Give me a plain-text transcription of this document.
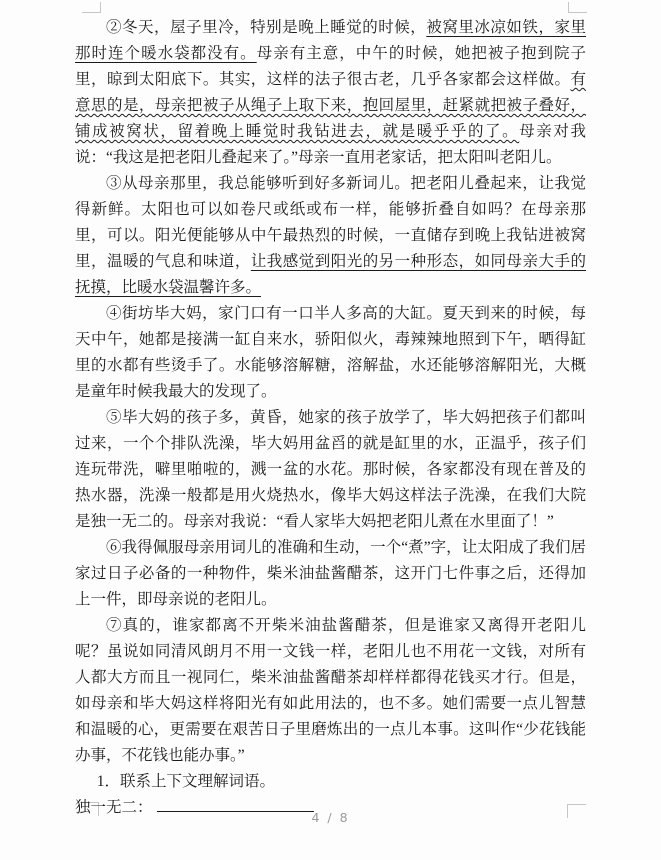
②冬天，屋子里冷，特别是晚上睡觉的时候，被窝里冰凉如铁，家里那时连个暖水袋都没有。母亲有主意，中午的时候，她把被子抱到院子里，晾到太阳底下。其实，这样的法子很古老，几乎各家都会这样做。有意思的是，母亲把被子从绳子上取下来，抱回屋里，赶紧就把被子叠好，铺成被窝状，留着晚上睡觉时我钻进去，就是暖乎乎的了。母亲对我说：“我这是把老阳儿叠起来了。”母亲一直用老家话，把太阳叫老阳儿。

③从母亲那里，我总能够听到好多新词儿。把老阳儿叠起来，让我觉得新鲜。太阳也可以如卷尺或纸或布一样，能够折叠自如吗？在母亲那里，可以。阳光便能够从中午最热烈的时候，一直储存到晚上我钻进被窝里，温暖的气息和味道，让我感觉到阳光的另一种形态，如同母亲大手的抚摸，比暖水袋温馨许多。

④街坊毕大妈，家门口有一口半人多高的大缸。夏天到来的时候，每天中午，她都是接满一缸自来水，骄阳似火，毒辣辣地照到下午，晒得缸里的水都有些烫手了。水能够溶解糖，溶解盐，水还能够溶解阳光，大概是童年时候我最大的发现了。

⑤毕大妈的孩子多，黄昏，她家的孩子放学了，毕大妈把孩子们都叫过来，一个个排队洗澡，毕大妈用盆舀的就是缸里的水，正温乎，孩子们连玩带洗，噼里啪啦的，溅一盆的水花。那时候，各家都没有现在普及的热水器，洗澡一般都是用火烧热水，像毕大妈这样法子洗澡，在我们大院是独一无二的。母亲对我说：“看人家毕大妈把老阳儿煮在水里面了！”

⑥我得佩服母亲用词儿的准确和生动，一个“煮”字，让太阳成了我们居家过日子必备的一种物件，柴米油盐酱醋茶，这开门七件事之后，还得加上一件，即母亲说的老阳儿。

⑦真的，谁家都离不开柴米油盐酱醋茶，但是谁家又离得开老阳儿呢？虽说如同清风朗月不用一文钱一样，老阳儿也不用花一文钱，对所有人都大方而且一视同仁，柴米油盐酱醋茶却样样都得花钱买才行。但是，如母亲和毕大妈这样将阳光有如此用法的，也不多。她们需要一点儿智慧和温暖的心，更需要在艰苦日子里磨炼出的一点儿本事。这叫作“少花钱能办事，不花钱也能办事。”

1．联系上下文理解词语。

独一无二：

4 / 8
